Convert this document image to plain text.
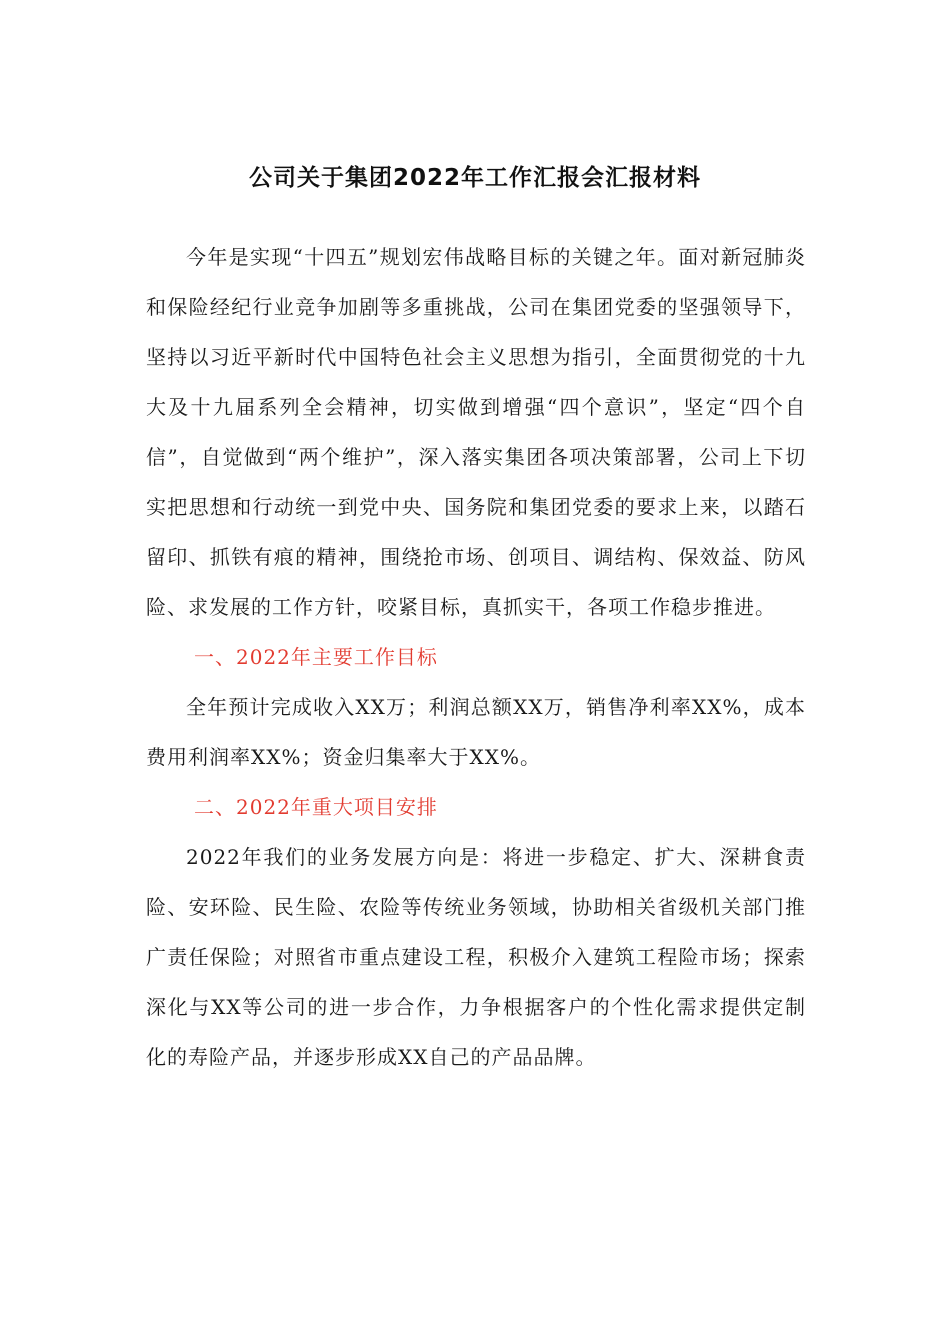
公司关于集团2022年工作汇报会汇报材料

今年是实现“十四五”规划宏伟战略目标的关键之年。面对新冠肺炎和保险经纪行业竞争加剧等多重挑战，公司在集团党委的坚强领导下，坚持以习近平新时代中国特色社会主义思想为指引，全面贯彻党的十九大及十九届系列全会精神，切实做到增强“四个意识”，坚定“四个自信”，自觉做到“两个维护”，深入落实集团各项决策部署，公司上下切实把思想和行动统一到党中央、国务院和集团党委的要求上来，以踏石留印、抓铁有痕的精神，围绕抢市场、创项目、调结构、保效益、防风险、求发展的工作方针，咬紧目标，真抓实干，各项工作稳步推进。

一、2022年主要工作目标

全年预计完成收入XX万；利润总额XX万，销售净利率XX%，成本费用利润率XX%；资金归集率大于XX%。

二、2022年重大项目安排

2022年我们的业务发展方向是：将进一步稳定、扩大、深耕食责险、安环险、民生险、农险等传统业务领域，协助相关省级机关部门推广责任保险；对照省市重点建设工程，积极介入建筑工程险市场；探索深化与XX等公司的进一步合作，力争根据客户的个性化需求提供定制化的寿险产品，并逐步形成XX自己的产品品牌。
